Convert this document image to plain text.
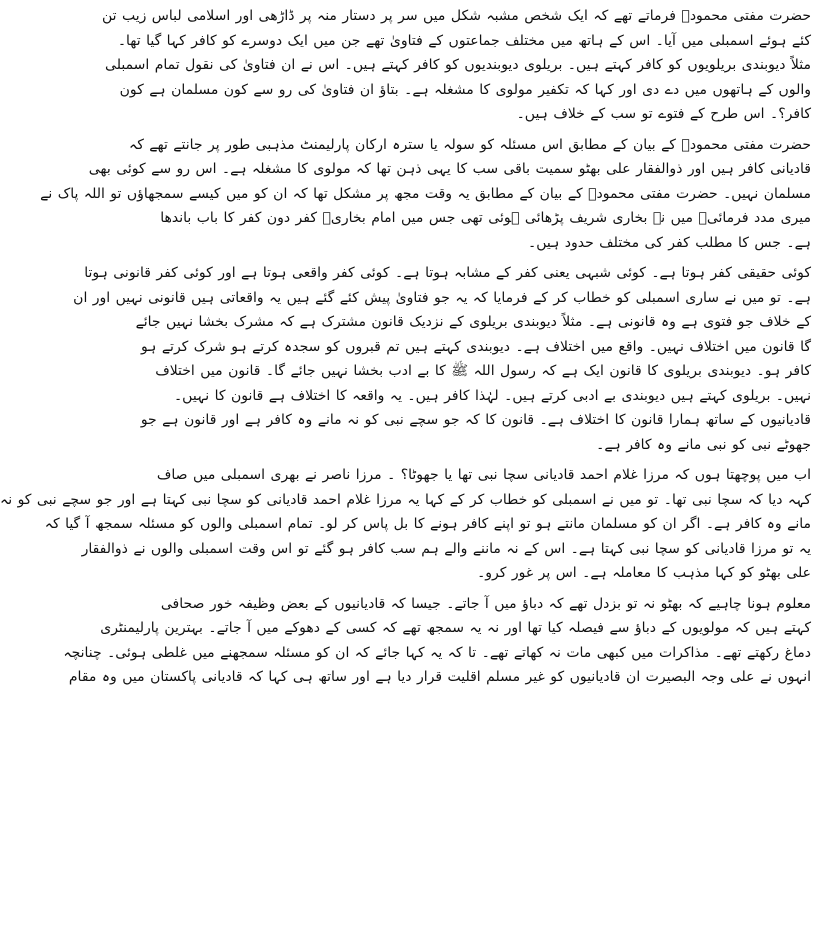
حضرت مفتی محمودؒ فرماتے تھے کہ ایک شخص مشبہ شکل میں سر پر دستار منہ پر ڈاڑھی اور اسلامی لباس زیب تن
کئے ہوئے اسمبلی میں آیا۔ اس کے ہاتھ میں مختلف جماعتوں کے فتاویٰ تھے جن میں ایک دوسرے کو کافر کہا گیا تھا۔
مثلاً دیوبندی بریلویوں کو کافر کہتے ہیں۔ بریلوی دیوبندیوں کو کافر کہتے ہیں۔ اس نے ان فتاویٰ کی نقول تمام اسمبلی
والوں کے ہاتھوں میں دے دی اور کہا کہ تکفیر مولوی کا مشغلہ ہے۔ بتاؤ ان فتاویٰ کی رو سے کون مسلمان ہے کون
کافر؟۔ اس طرح کے فتوے تو سب کے خلاف ہیں۔

حضرت مفتی محمودؒ کے بیان کے مطابق اس مسئلہ کو سولہ یا سترہ ارکان پارلیمنٹ مذہبی طور پر جانتے تھے کہ
قادیانی کافر ہیں اور ذوالفقار علی بھٹو سمیت باقی سب کا یہی ذہن تھا کہ مولوی کا مشغلہ ہے۔ اس رو سے کوئی بھی
مسلمان نہیں۔ حضرت مفتی محمودؒ کے بیان کے مطابق یہ وقت مجھ پر مشکل تھا کہ ان کو میں کیسے سمجھاؤں تو اللہ پاک نے
میری مدد فرمائی۔ میں نے بخاری شریف پڑھائی ہوئی تھی جس میں امام بخاریؒ کفر دون کفر کا باب باندھا
ہے۔ جس کا مطلب کفر کی مختلف حدود ہیں۔

کوئی حقیقی کفر ہوتا ہے۔ کوئی شبہی یعنی کفر کے مشابہ ہوتا ہے۔ کوئی کفر واقعی ہوتا ہے اور کوئی کفر قانونی ہوتا
ہے۔ تو میں نے ساری اسمبلی کو خطاب کر کے فرمایا کہ یہ جو فتاویٰ پیش کئے گئے ہیں یہ واقعاتی ہیں قانونی نہیں اور ان
کے خلاف جو فتوی ہے وہ قانونی ہے۔ مثلاً دیوبندی بریلوی کے نزدیک قانون مشترک ہے کہ مشرک بخشا نہیں جائے
گا قانون میں اختلاف نہیں۔ واقع میں اختلاف ہے۔ دیوبندی کہتے ہیں تم قبروں کو سجدہ کرتے ہو شرک کرتے ہو
کافر ہو۔ دیوبندی بریلوی کا قانون ایک ہے کہ رسول اللہ ﷺ کا بے ادب بخشا نہیں جائے گا۔ قانون میں اختلاف
نہیں۔ بریلوی کہتے ہیں دیوبندی بے ادبی کرتے ہیں۔ لہٰذا کافر ہیں۔ یہ واقعہ کا اختلاف ہے قانون کا نہیں۔
قادیانیوں کے ساتھ ہمارا قانون کا اختلاف ہے۔ قانون کا کہ جو سچے نبی کو نہ مانے وہ کافر ہے اور قانون ہے جو
جھوٹے نبی کو نبی مانے وہ کافر ہے۔

اب میں پوچھتا ہوں کہ مرزا غلام احمد قادیانی سچا نبی تھا یا جھوٹا؟ ۔ مرزا ناصر نے بھری اسمبلی میں صاف
کہہ دیا کہ سچا نبی تھا۔ تو میں نے اسمبلی کو خطاب کر کے کہا یہ مرزا غلام احمد قادیانی کو سچا نبی کہتا ہے اور جو سچے نبی کو نہ
مانے وہ کافر ہے۔ اگر ان کو مسلمان مانتے ہو تو اپنے کافر ہونے کا بل پاس کر لو۔ تمام اسمبلی والوں کو مسئلہ سمجھ آ گیا کہ
یہ تو مرزا قادیانی کو سچا نبی کہتا ہے۔ اس کے نہ ماننے والے ہم سب کافر ہو گئے تو اس وقت اسمبلی والوں نے ذوالفقار
علی بھٹو کو کہا مذہب کا معاملہ ہے۔ اس پر غور کرو۔

معلوم ہونا چاہیے کہ بھٹو نہ تو بزدل تھے کہ دباؤ میں آ جاتے۔ جیسا کہ قادیانیوں کے بعض وظیفہ خور صحافی
کہتے ہیں کہ مولویوں کے دباؤ سے فیصلہ کیا تھا اور نہ یہ سمجھ تھے کہ کسی کے دھوکے میں آ جاتے۔ بہترین پارلیمنٹری
دماغ رکھتے تھے۔ مذاکرات میں کبھی مات نہ کھاتے تھے۔ تا کہ یہ کہا جائے کہ ان کو مسئلہ سمجھنے میں غلطی ہوئی۔ چنانچہ
انہوں نے علی وجہ البصیرت ان قادیانیوں کو غیر مسلم اقلیت قرار دیا ہے اور ساتھ ہی کہا کہ قادیانی پاکستان میں وہ مقام
